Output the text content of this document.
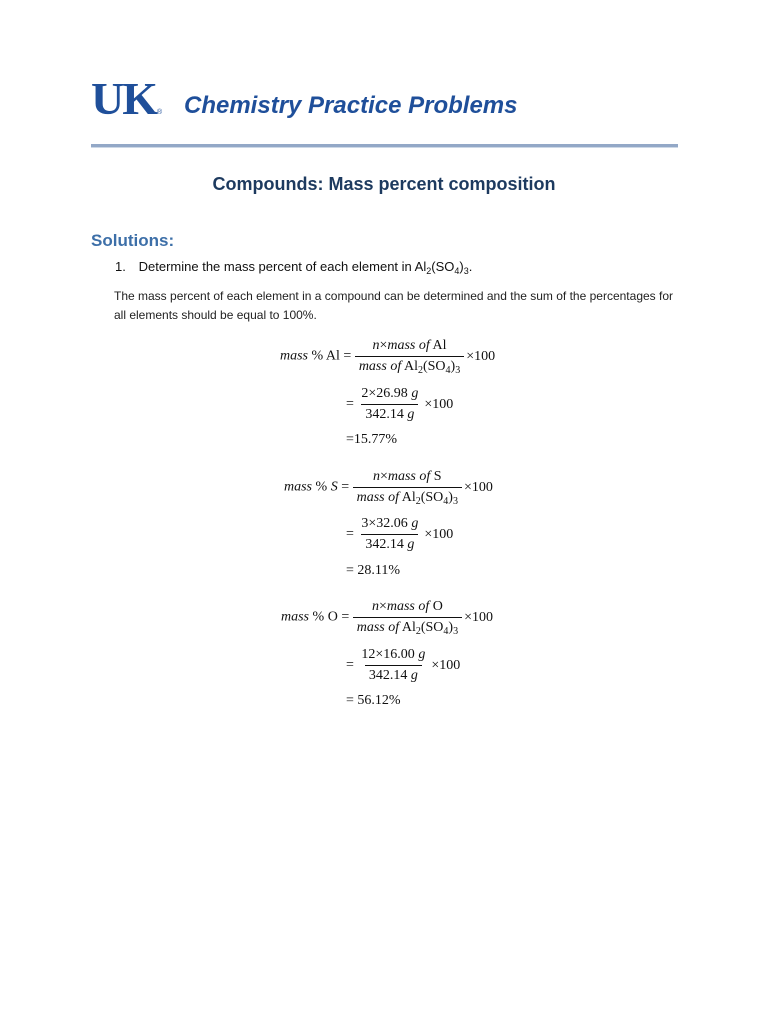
UK ® Chemistry Practice Problems
Compounds: Mass percent composition
Solutions:
1. Determine the mass percent of each element in $Al_2(SO_4)_3$.
The mass percent of each element in a compound can be determined and the sum of the percentages for all elements should be equal to 100%.
mass % $Al = \frac{\text{n×mass of Al}}{mass of Al_2(SO_4)_3} \times 100$
= $\frac{2\times 26.98 g}{342.14 g} \times 100$
=15.77%
mass % $S = \frac{\text{n×mass of S}}{mass of Al_2(SO_4)_3} \times 100$
= $\frac{3\times 32.06 g}{342.14 g} \times 100$
= 28.11%
mass % $O = \frac{\text{n×mass of O}}{mass of Al_2(SO_4)_3} \times 100$
= $\frac{12\times 16.00 g}{342.14 g} \times 100$
= 56.12%
